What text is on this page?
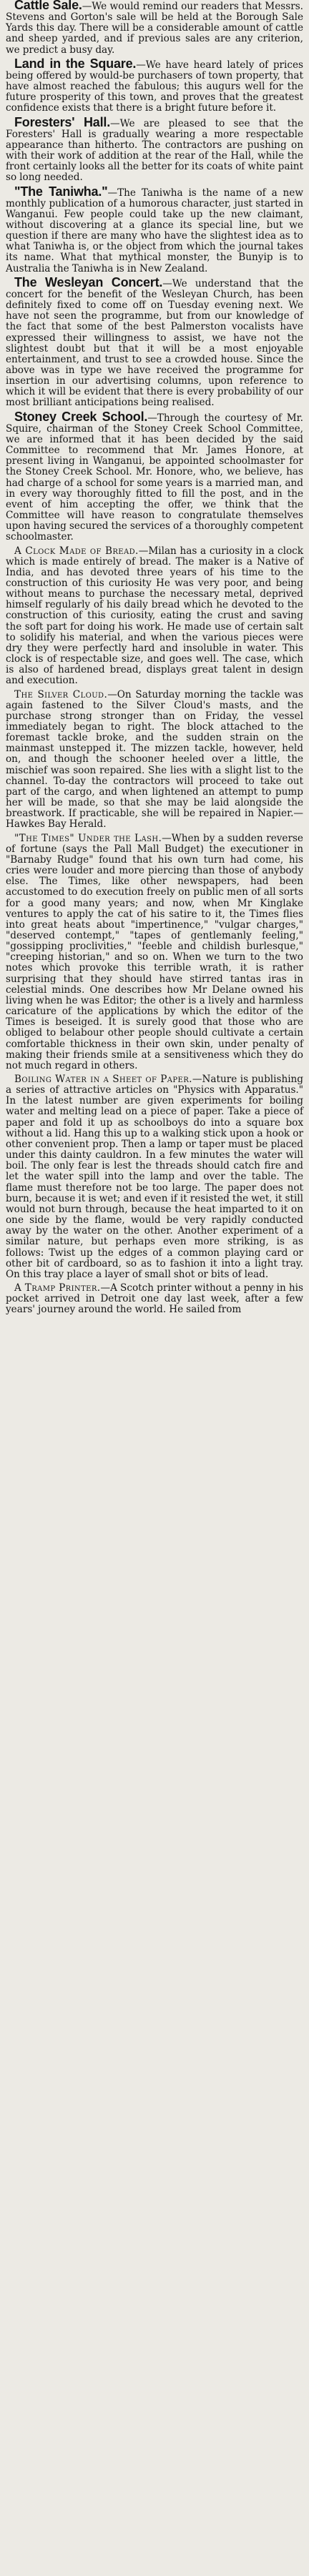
Cattle Sale.—We would remind our readers that Messrs. Stevens and Gorton's sale will be held at the Borough Sale Yards this day. There will be a considerable amount of cattle and sheep yarded, and if previous sales are any criterion, we predict a busy day.

Land in the Square.—We have heard lately of prices being offered by would-be purchasers of town property, that have almost reached the fabulous; this augurs well for the future prosperity of this town, and proves that the greatest confidence exists that there is a bright future before it.

Foresters' Hall.—We are pleased to see that the Foresters' Hall is gradually wearing a more respectable appearance than hitherto. The contractors are pushing on with their work of addition at the rear of the Hall, while the front certainly looks all the better for its coats of white paint so long needed.

"The Taniwha."—The Taniwha is the name of a new monthly publication of a humorous character, just started in Wanganui. Few people could take up the new claimant, without discovering at a glance its special line, but we question if there are many who have the slightest idea as to what Taniwha is, or the object from which the journal takes its name. What that mythical monster, the Bunyip is to Australia the Taniwha is in New Zealand.

The Wesleyan Concert.—We understand that the concert for the benefit of the Wesleyan Church, has been definitely fixed to come off on Tuesday evening next. We have not seen the programme, but from our knowledge of the fact that some of the best Palmerston vocalists have expressed their willingness to assist, we have not the slightest doubt but that it will be a most enjoyable entertainment, and trust to see a crowded house. Since the above was in type we have received the programme for insertion in our advertising columns, upon reference to which it will be evident that there is every probability of our most brilliant anticipations being realised.

Stoney Creek School.—Through the courtesy of Mr. Squire, chairman of the Stoney Creek School Committee, we are informed that it has been decided by the said Committee to recommend that Mr. James Honore, at present living in Wanganui, be appointed schoolmaster for the Stoney Creek School. Mr. Honore, who, we believe, has had charge of a school for some years is a married man, and in every way thoroughly fitted to fill the post, and in the event of him accepting the offer, we think that the Committee will have reason to congratulate themselves upon having secured the services of a thoroughly competent schoolmaster.

A Clock Made of Bread.—Milan has a curiosity in a clock which is made entirely of bread. The maker is a Native of India, and has devoted three years of his time to the construction of this curiosity He was very poor, and being without means to purchase the necessary metal, deprived himself regularly of his daily bread which he devoted to the construction of this curiosity, eating the crust and saving the soft part for doing his work. He made use of certain salt to solidify his material, and when the various pieces were dry they were perfectly hard and insoluble in water. This clock is of respectable size, and goes well. The case, which is also of hardened bread, displays great talent in design and execution.

The Silver Cloud.—On Saturday morning the tackle was again fastened to the Silver Cloud's masts, and the purchase strong stronger than on Friday, the vessel immediately began to right. The block attached to the foremast tackle broke, and the sudden strain on the mainmast unstepped it. The mizzen tackle, however, held on, and though the schooner heeled over a little, the mischief was soon repaired. She lies with a slight list to the channel. To-day the contractors will proceed to take out part of the cargo, and when lightened an attempt to pump her will be made, so that she may be laid alongside the breastwork. If practicable, she will be repaired in Napier.—Hawkes Bay Herald.

"The Times" Under the Lash.—When by a sudden reverse of fortune (says the Pall Mall Budget) the executioner in "Barnaby Rudge" found that his own turn had come, his cries were louder and more piercing than those of anybody else. The Times, like other newspapers, had been accustomed to do execution freely on public men of all sorts for a good many years; and now, when Mr Kinglake ventures to apply the cat of his satire to it, the Times flies into great heats about "impertinence," "vulgar charges," "deserved contempt," "tapes of gentlemanly feeling," "gossipping proclivities," "feeble and childish burlesque," "creeping historian," and so on. When we turn to the two notes which provoke this terrible wrath, it is rather surprising that they should have stirred tantas iras in celestial minds. One describes how Mr Delane owned his living when he was Editor; the other is a lively and harmless caricature of the applications by which the editor of the Times is beseiged. It is surely good that those who are obliged to belabour other people should cultivate a certain comfortable thickness in their own skin, under penalty of making their friends smile at a sensitiveness which they do not much regard in others.

Boiling Water in a Sheet of Paper.—Nature is publishing a series of attractive articles on "Physics with Apparatus." In the latest number are given experiments for boiling water and melting lead on a piece of paper. Take a piece of paper and fold it up as schoolboys do into a square box without a lid. Hang this up to a walking stick upon a hook or other convenient prop. Then a lamp or taper must be placed under this dainty cauldron. In a few minutes the water will boil. The only fear is lest the threads should catch fire and let the water spill into the lamp and over the table. The flame must therefore not be too large. The paper does not burn, because it is wet; and even if it resisted the wet, it still would not burn through, because the heat imparted to it on one side by the flame, would be very rapidly conducted away by the water on the other. Another experiment of a similar nature, but perhaps even more striking, is as follows: Twist up the edges of a common playing card or other bit of cardboard, so as to fashion it into a light tray. On this tray place a layer of small shot or bits of lead.

A Tramp Printer.—A Scotch printer without a penny in his pocket arrived in Detroit one day last week, after a few years' journey around the world. He sailed from
